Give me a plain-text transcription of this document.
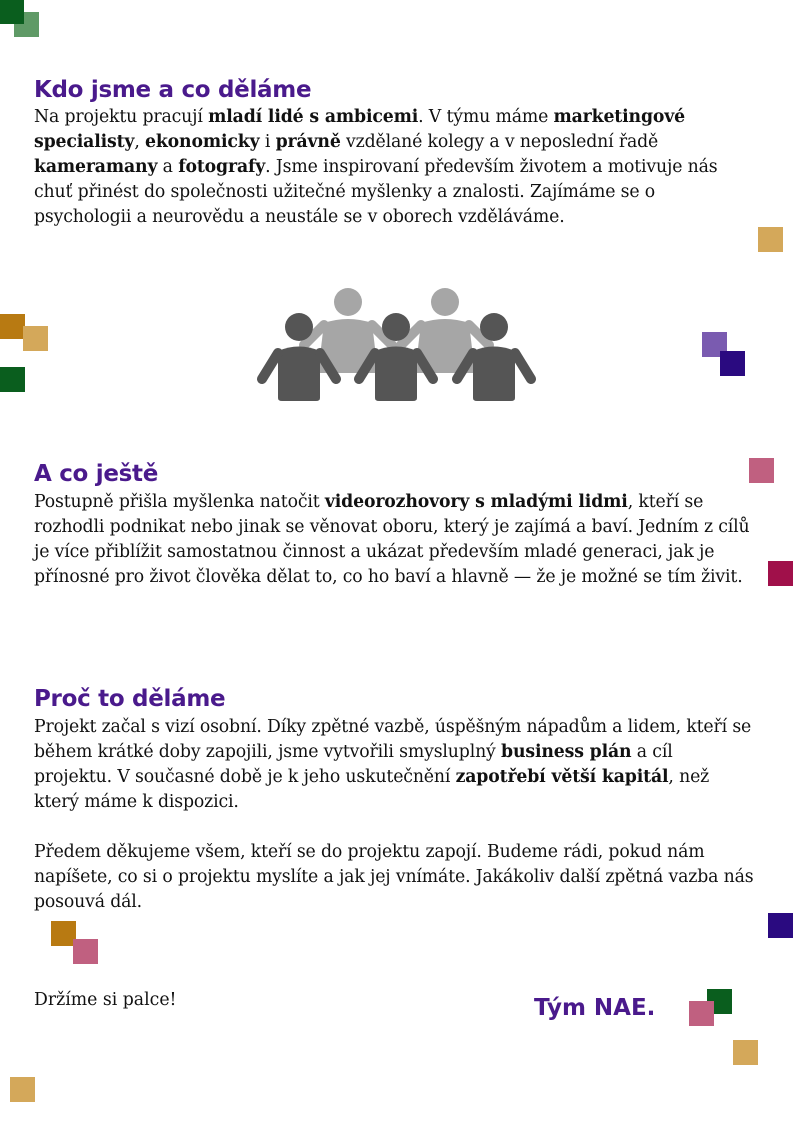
Kdo jsme a co děláme

Na projektu pracují mladí lidé s ambicemi. V týmu máme marketingové specialisty, ekonomicky i právně vzdělané kolegy a v neposlední řadě kameramany a fotografy. Jsme inspirovaní především životem a motivuje nás chuť přinést do společnosti užitečné myšlenky a znalosti. Zajímáme se o psychologii a neurovědu a neustále se v oborech vzděláváme.

A co ještě

Postupně přišla myšlenka natočit videorozhovory s mladými lidmi, kteří se rozhodli podnikat nebo jinak se věnovat oboru, který je zajímá a baví. Jedním z cílů je více přiblížit samostatnou činnost a ukázat především mladé generaci, jak je přínosné pro život člověka dělat to, co ho baví a hlavně — že je možné se tím živit.

Proč to děláme

Projekt začal s vizí osobní. Díky zpětné vazbě, úspěšným nápadům a lidem, kteří se během krátké doby zapojili, jsme vytvořili smysluplný business plán a cíl projektu. V současné době je k jeho uskutečnění zapotřebí větší kapitál, než který máme k dispozici.

Předem děkujeme všem, kteří se do projektu zapojí. Budeme rádi, pokud nám napíšete, co si o projektu myslíte a jak jej vnímáte. Jakákoliv další zpětná vazba nás posouvá dál.

Držíme si palce!	Tým NAE.
